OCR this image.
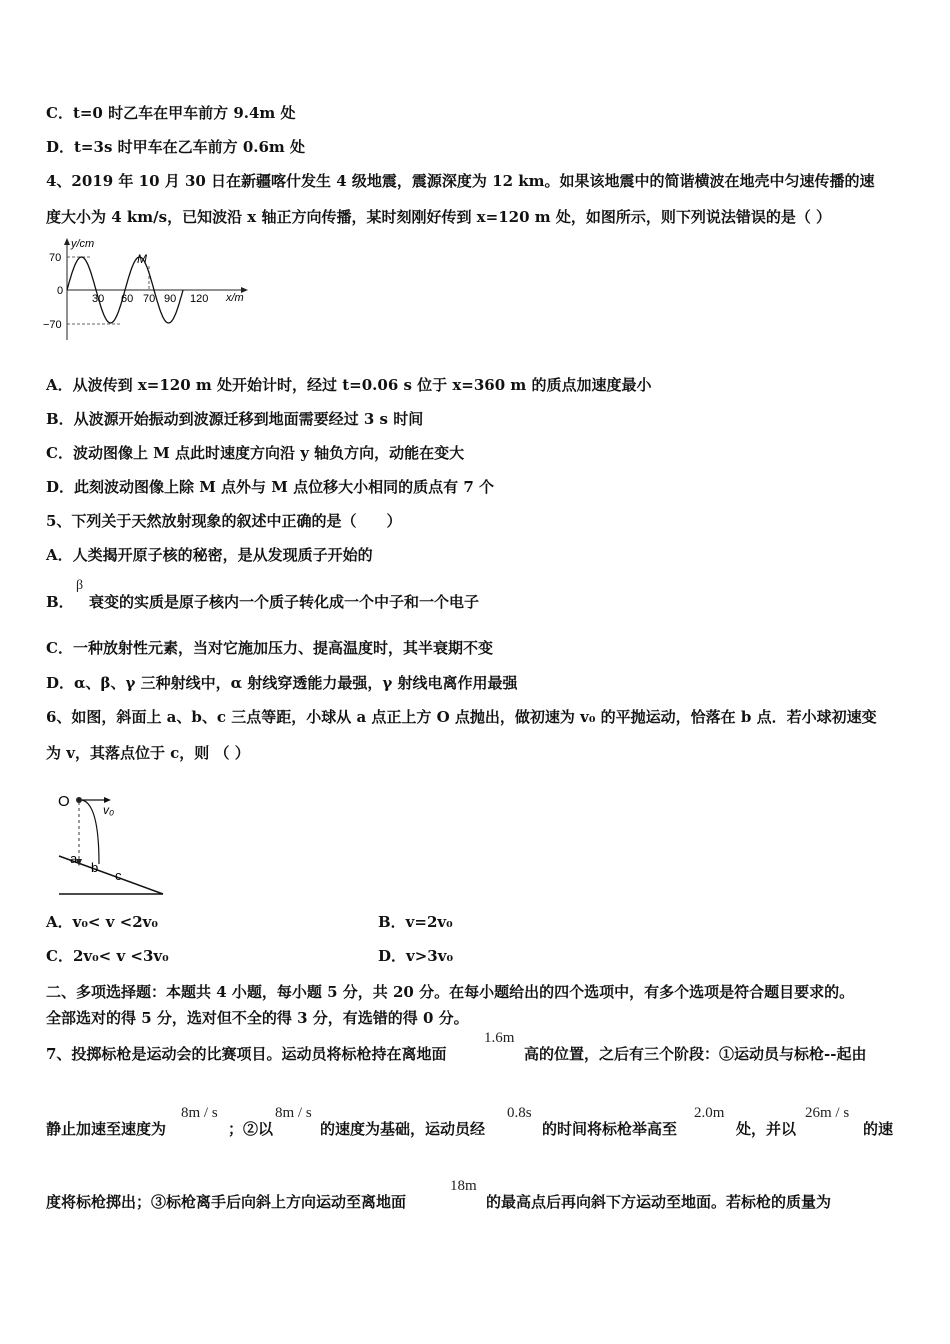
C．t=0 时乙车在甲车前方 9.4m 处
D．t=3s 时甲车在乙车前方 0.6m 处
4、2019 年 10 月 30 日在新疆喀什发生 4 级地震，震源深度为 12 km。如果该地震中的简谐横波在地壳中匀速传播的速
度大小为 4 km/s，已知波沿 x 轴正方向传播，某时刻刚好传到 x=120 m 处，如图所示，则下列说法错误的是（ ）
y/cm
x/m
70
0
−70
30 60 70 90 120
M
A．从波传到 x=120 m 处开始计时，经过 t=0.06 s 位于 x=360 m 的质点加速度最小
B．从波源开始振动到波源迁移到地面需要经过 3 s 时间
C．波动图像上 M 点此时速度方向沿 y 轴负方向，动能在变大
D．此刻波动图像上除 M 点外与 M 点位移大小相同的质点有 7 个
5、下列关于天然放射现象的叙述中正确的是（　　）
A．人类揭开原子核的秘密，是从发现质子开始的
B．
β
衰变的实质是原子核内一个质子转化成一个中子和一个电子
C．一种放射性元素，当对它施加压力、提高温度时，其半衰期不变
D．α、β、γ 三种射线中，α 射线穿透能力最强，γ 射线电离作用最强
6、如图，斜面上 a、b、c 三点等距，小球从 a 点正上方 O 点抛出，做初速为 v₀ 的平抛运动，恰落在 b 点．若小球初速变
为 v，其落点位于 c，则 （ ）
O	v₀
a
b
c
A．v₀< v <2v₀	B．v=2v₀
C．2v₀< v <3v₀	D．v>3v₀
二、多项选择题：本题共 4 小题，每小题 5 分，共 20 分。在每小题给出的四个选项中，有多个选项是符合题目要求的。
全部选对的得 5 分，选对但不全的得 3 分，有选错的得 0 分。
7、投掷标枪是运动会的比赛项目。运动员将标枪持在离地面
1.6m
高的位置，之后有三个阶段：①运动员与标枪--起由
静止加速至速度为
8m / s
；②以
8m / s
的速度为基础，运动员经
0.8s
的时间将标枪举高至
2.0m
处，并以
26m / s
的速
度将标枪掷出；③标枪离手后向斜上方向运动至离地面
18m
的最高点后再向斜下方运动至地面。若标枪的质量为
